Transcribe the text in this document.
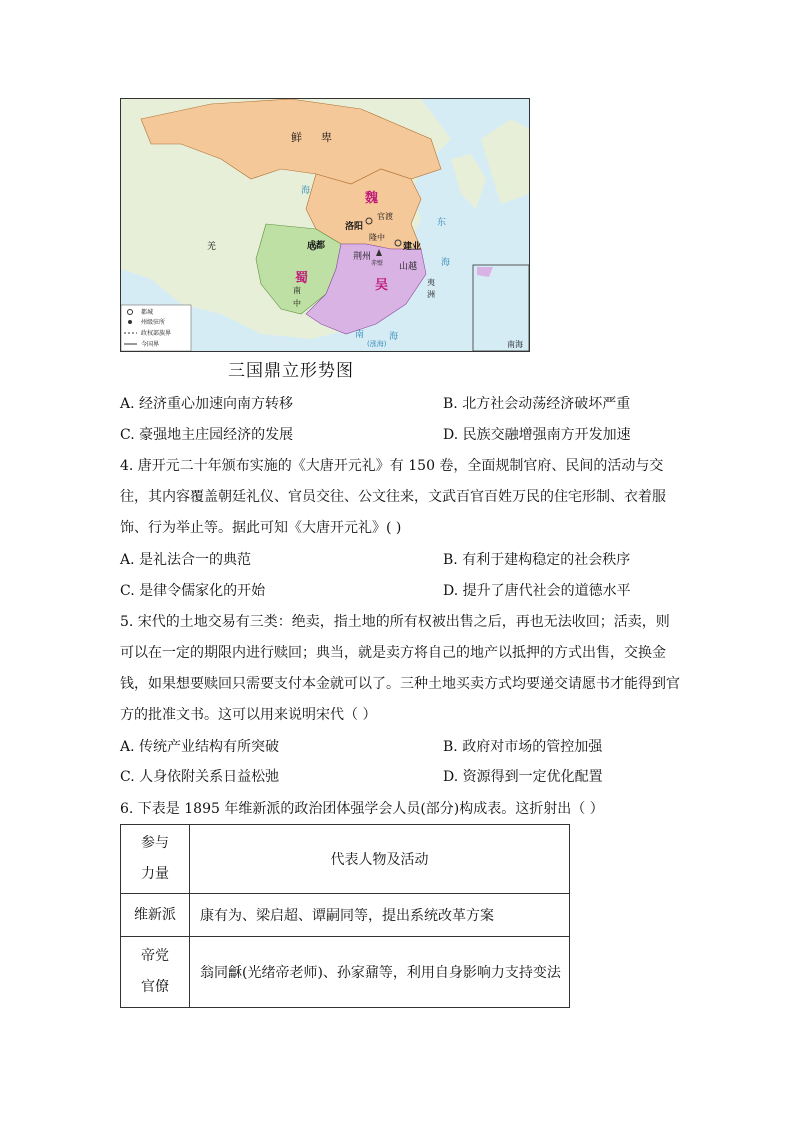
鲜 卑
魏
蜀	吴
洛阳
官渡
成都
隆中
建业
荆州
赤壁 山越
羌
南
中
夷
洲
东
海
海
南	海
(涨海)	南海
都城
州级驻所
政权部族界
今国界
三国鼎立形势图
A. 经济重心加速向南方转移	B. 北方社会动荡经济破坏严重
C. 豪强地主庄园经济的发展	D. 民族交融增强南方开发加速
4. 唐开元二十年颁布实施的《大唐开元礼》有 150 卷，全面规制官府、民间的活动与交往，其内容覆盖朝廷礼仪、官员交往、公文往来，文武百官百姓万民的住宅形制、衣着服饰、行为举止等。据此可知《大唐开元礼》( )
A. 是礼法合一的典范	B. 有利于建构稳定的社会秩序
C. 是律令儒家化的开始	D. 提升了唐代社会的道德水平
5. 宋代的土地交易有三类：绝卖，指土地的所有权被出售之后，再也无法收回；活卖，则可以在一定的期限内进行赎回；典当，就是卖方将自己的地产以抵押的方式出售，交换金钱，如果想要赎回只需要支付本金就可以了。三种土地买卖方式均要递交请愿书才能得到官方的批准文书。这可以用来说明宋代（ ）
A. 传统产业结构有所突破	B. 政府对市场的管控加强
C. 人身依附关系日益松弛	D. 资源得到一定优化配置
6. 下表是 1895 年维新派的政治团体强学会人员(部分)构成表。这折射出（ ）
参与力量	代表人物及活动
维新派	康有为、梁启超、谭嗣同等，提出系统改革方案

帝党官僚	翁同龢(光绪帝老师)、孙家鼐等，利用自身影响力支持变法
